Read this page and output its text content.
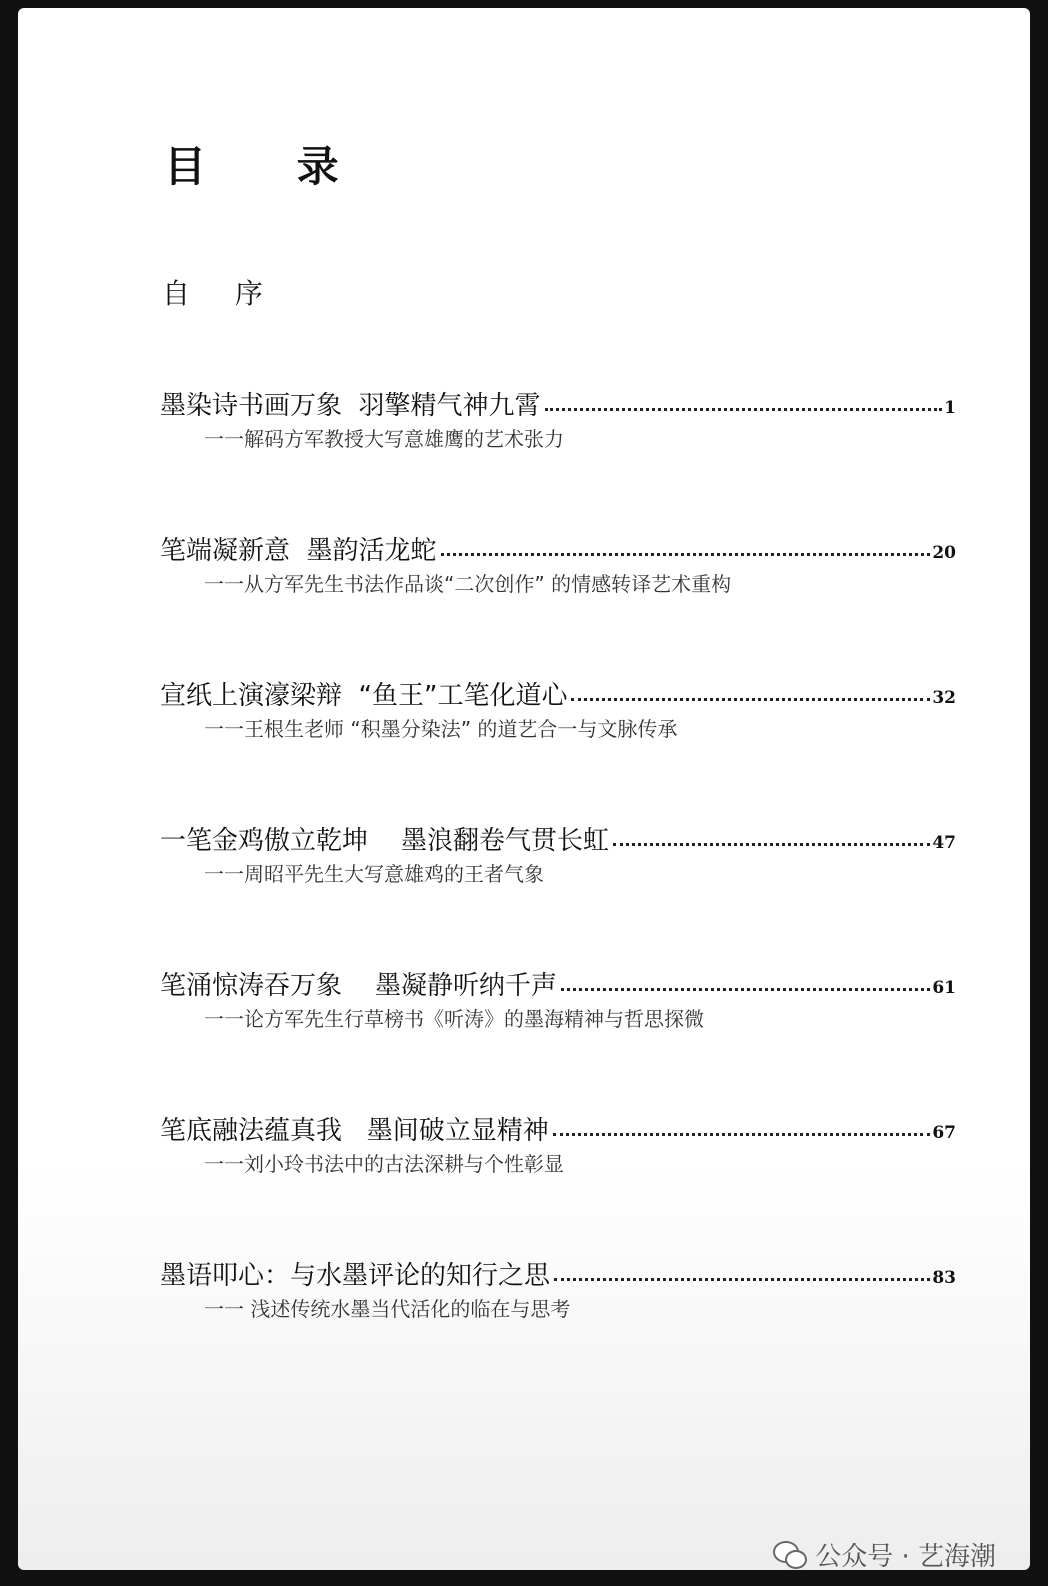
目 录
自 序
墨染诗书画万象  羽擎精气神九霄	1
一一解码方军教授大写意雄鹰的艺术张力
笔端凝新意  墨韵活龙蛇	20
一一从方军先生书法作品谈“二次创作” 的情感转译艺术重构
宣纸上演濠梁辩  “鱼王”工笔化道心	32
一一王根生老师 “积墨分染法” 的道艺合一与文脉传承
一笔金鸡傲立乾坤    墨浪翻卷气贯长虹	47
一一周昭平先生大写意雄鸡的王者气象
笔涌惊涛吞万象    墨凝静听纳千声	61
一一论方军先生行草榜书《听涛》的墨海精神与哲思探微
笔底融法蕴真我   墨间破立显精神	67
一一刘小玲书法中的古法深耕与个性彰显
墨语叩心：与水墨评论的知行之思	83
一一 浅述传统水墨当代活化的临在与思考
公众号 · 艺海潮
